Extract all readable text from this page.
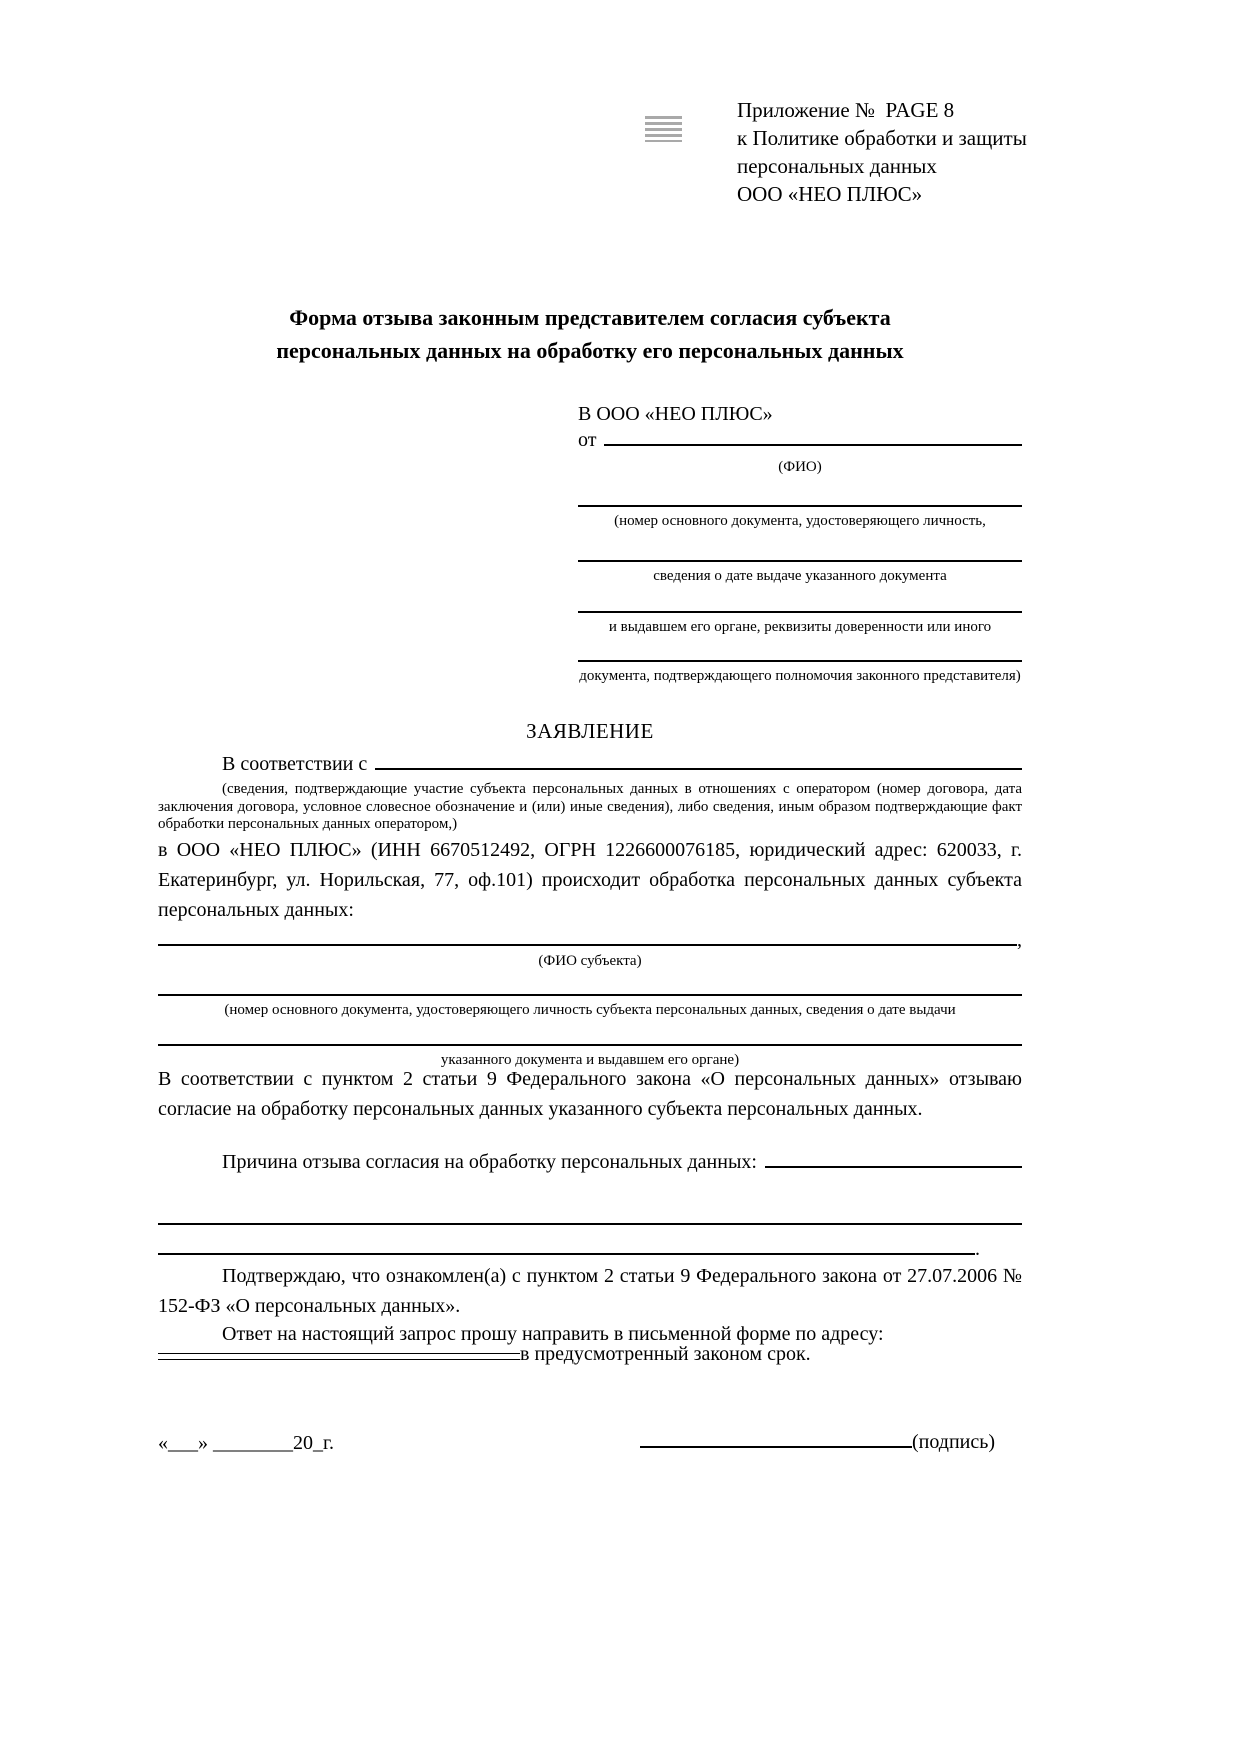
Приложение №  PAGE 8
к Политике обработки и защиты
персональных данных
ООО «НЕО ПЛЮС»
Форма отзыва законным представителем согласия субъекта
персональных данных на обработку его персональных данных
В ООО «НЕО ПЛЮС»
от
(ФИО)
(номер основного документа, удостоверяющего личность,
сведения о дате выдаче указанного документа
и выдавшем его органе, реквизиты доверенности или иного
документа, подтверждающего полномочия законного представителя)
ЗАЯВЛЕНИЕ
В соответствии с
(сведения, подтверждающие участие субъекта персональных данных в отношениях с оператором (номер договора, дата заключения договора, условное словесное обозначение и (или) иные сведения), либо сведения, иным образом подтверждающие факт обработки персональных данных оператором,)
в ООО «НЕО ПЛЮС» (ИНН 6670512492, ОГРН 1226600076185, юридический адрес: 620033, г. Екатеринбург, ул. Норильская, 77, оф.101) происходит обработка персональных данных субъекта персональных данных:
,
(ФИО субъекта)
(номер основного документа, удостоверяющего личность субъекта персональных данных, сведения о дате выдачи
указанного документа и выдавшем его органе)
В соответствии с пунктом 2 статьи 9 Федерального закона «О персональных данных» отзываю согласие на обработку персональных данных указанного субъекта персональных данных.
Причина отзыва согласия на обработку персональных данных:
.
Подтверждаю, что ознакомлен(а) с пунктом 2 статьи 9 Федерального закона от 27.07.2006 № 152-ФЗ «О персональных данных».
Ответ на настоящий запрос прошу направить в письменной форме по адресу:
в предусмотренный законом срок.
«___» ________20_г.	(подпись)
